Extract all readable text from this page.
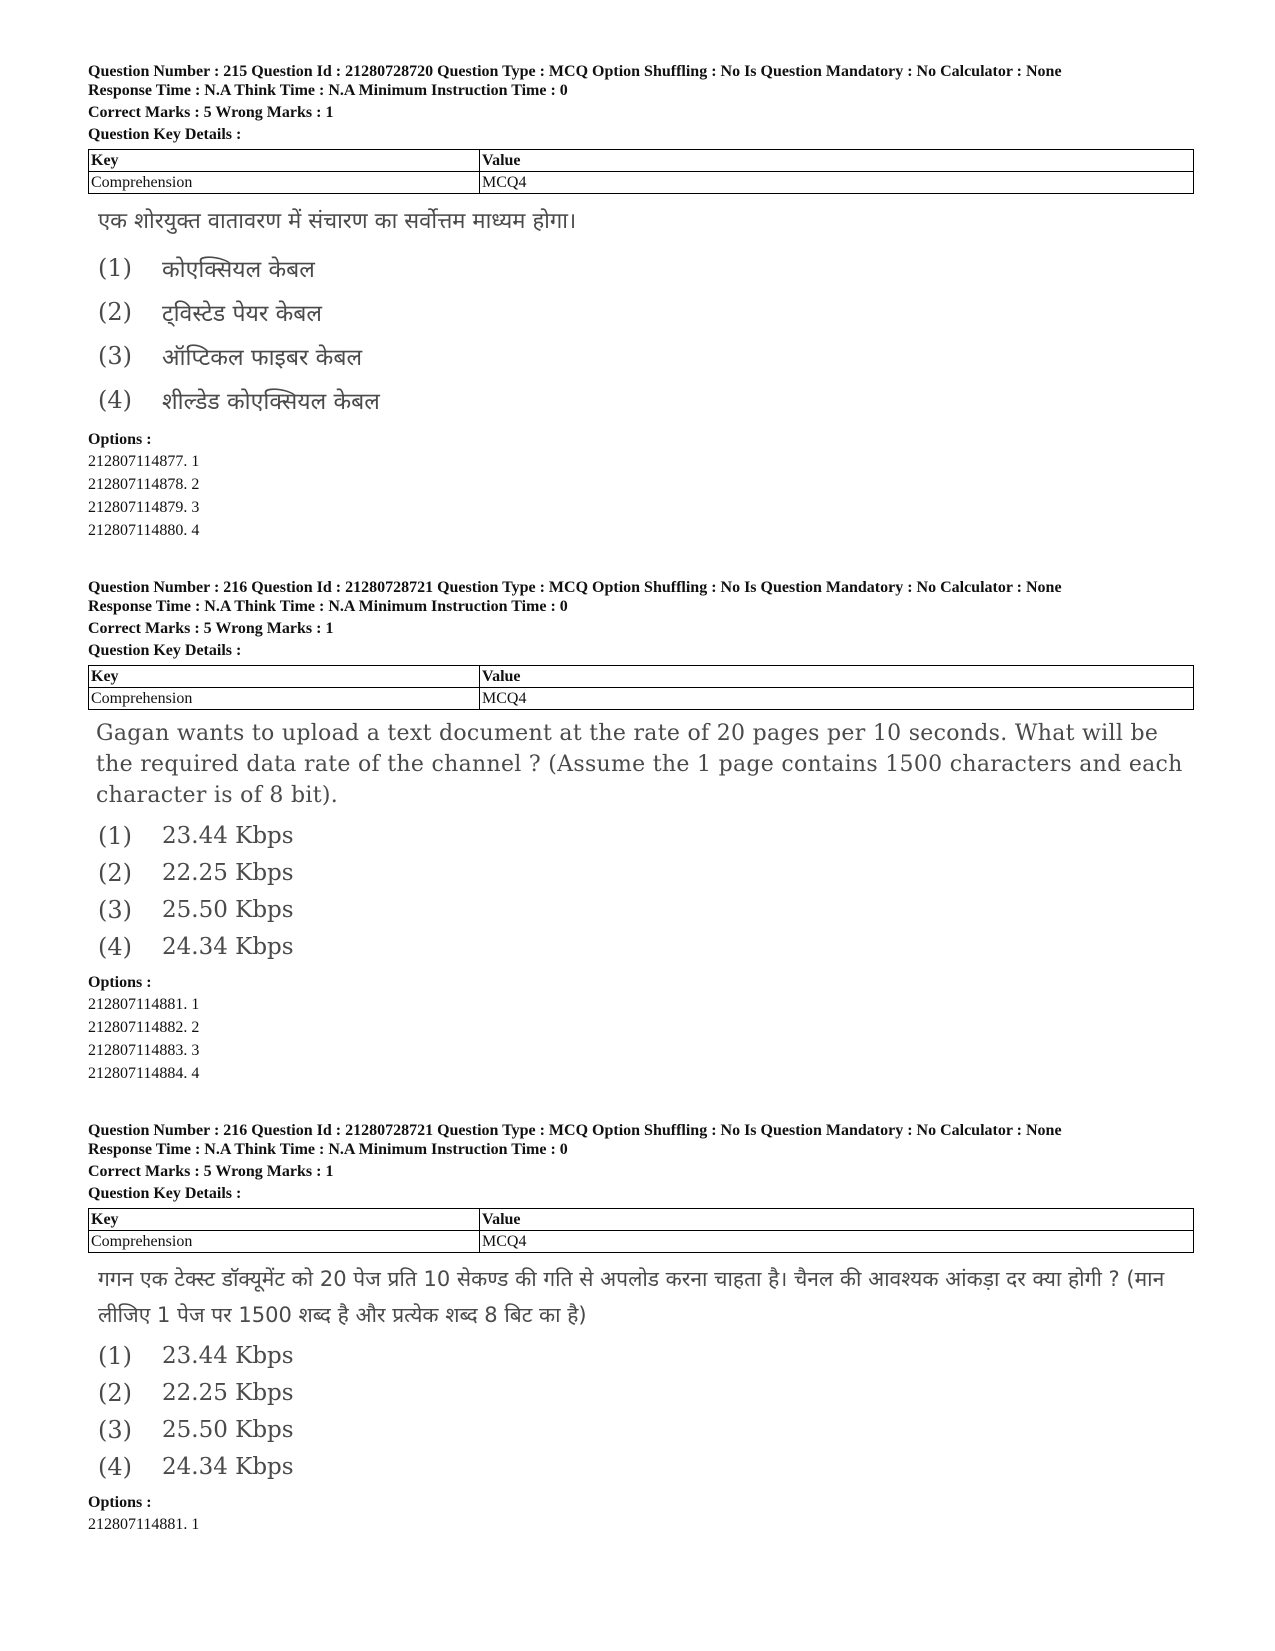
Question Number : 215 Question Id : 21280728720 Question Type : MCQ Option Shuffling : No Is Question Mandatory : No Calculator : None

Response Time : N.A Think Time : N.A Minimum Instruction Time : 0

Correct Marks : 5 Wrong Marks : 1

Question Key Details :

Key	Value
Comprehension	MCQ4

एक शोरयुक्त वातावरण में संचारण का सर्वोत्तम माध्यम होगा।

(1)	कोएक्सियल केबल
(2)	ट्विस्टेड पेयर केबल
(3)	ऑप्टिकल फाइबर केबल
(4)	शील्डेड कोएक्सियल केबल
Options :
212807114877. 1
212807114878. 2
212807114879. 3
212807114880. 4

Question Number : 216 Question Id : 21280728721 Question Type : MCQ Option Shuffling : No Is Question Mandatory : No Calculator : None

Response Time : N.A Think Time : N.A Minimum Instruction Time : 0

Correct Marks : 5 Wrong Marks : 1

Question Key Details :

Key	Value
Comprehension	MCQ4

Gagan wants to upload a text document at the rate of 20 pages per 10 seconds. What will be the required data rate of the channel ? (Assume the 1 page contains 1500 characters and each character is of 8 bit).

(1)	23.44 Kbps
(2)	22.25 Kbps
(3)	25.50 Kbps
(4)	24.34 Kbps
Options :
212807114881. 1
212807114882. 2
212807114883. 3
212807114884. 4

Question Number : 216 Question Id : 21280728721 Question Type : MCQ Option Shuffling : No Is Question Mandatory : No Calculator : None

Response Time : N.A Think Time : N.A Minimum Instruction Time : 0

Correct Marks : 5 Wrong Marks : 1

Question Key Details :

Key	Value
Comprehension	MCQ4

गगन एक टेक्स्ट डॉक्यूमेंट को 20 पेज प्रति 10 सेकण्ड की गति से अपलोड करना चाहता है। चैनल की आवश्यक आंकड़ा दर क्या होगी ? (मान लीजिए 1 पेज पर 1500 शब्द है और प्रत्येक शब्द 8 बिट का है)

(1)	23.44 Kbps
(2)	22.25 Kbps
(3)	25.50 Kbps
(4)	24.34 Kbps
Options :
212807114881. 1
